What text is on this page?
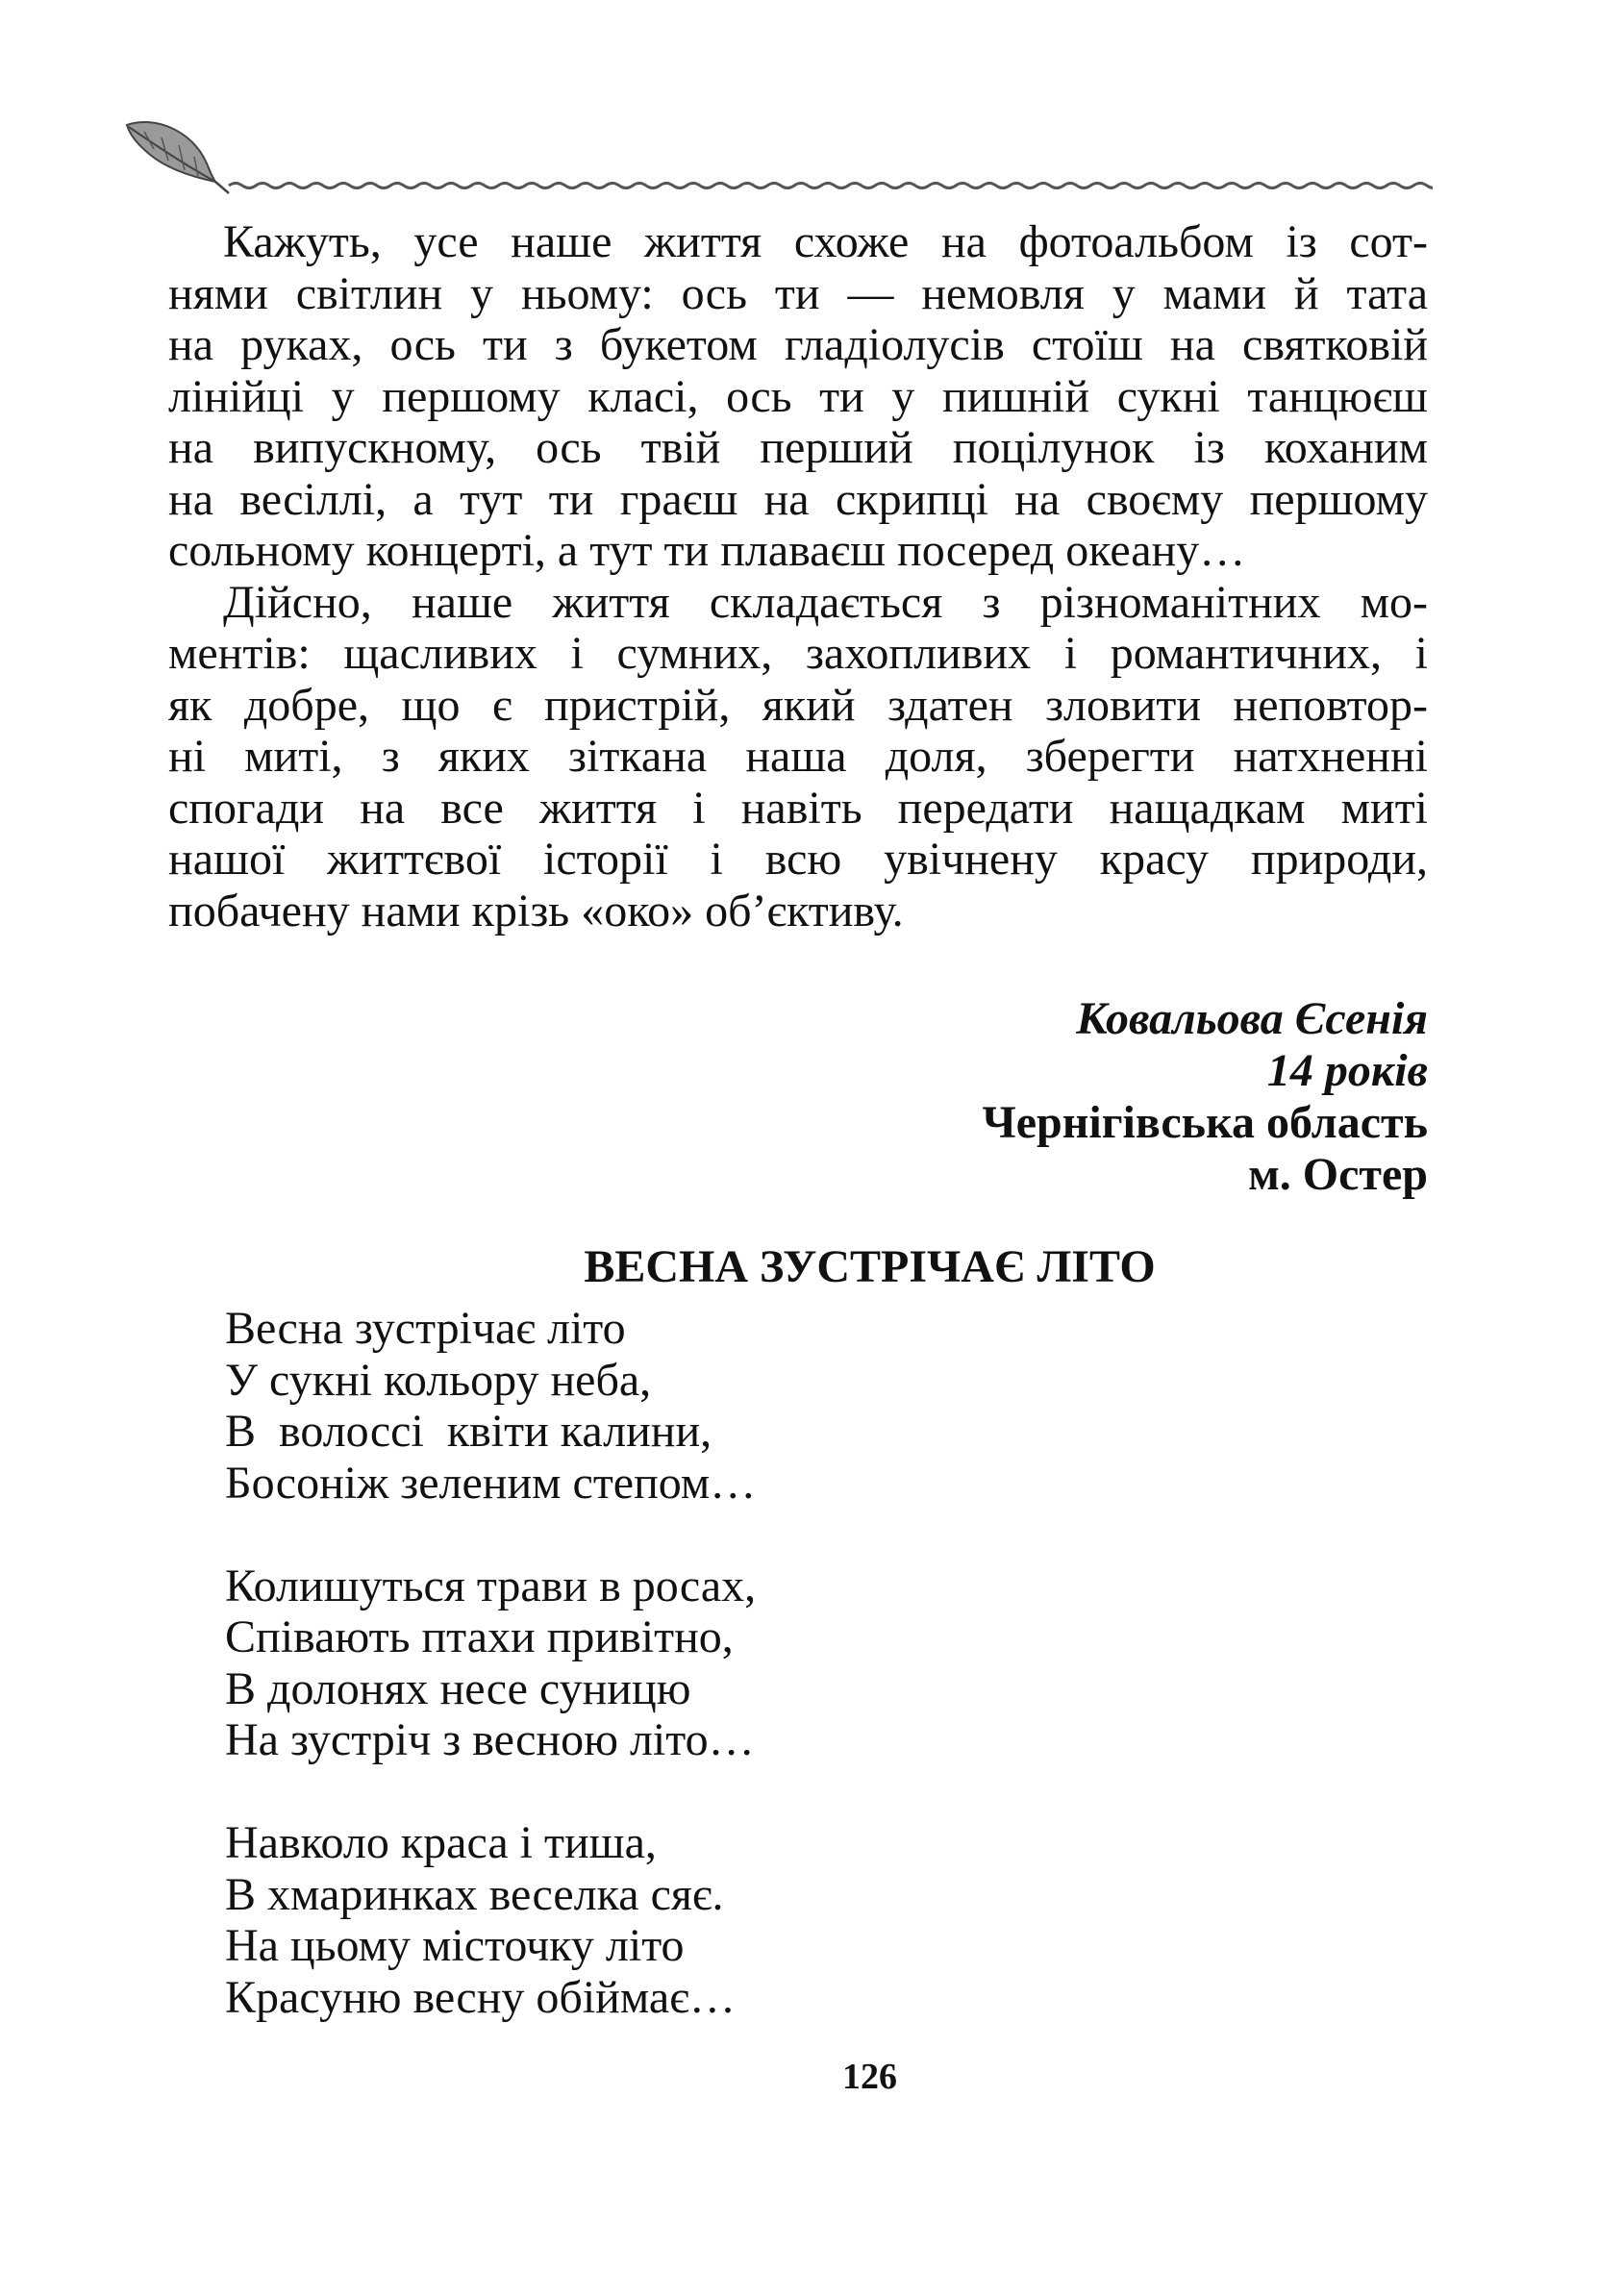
Кажуть, усе наше життя схоже на фотоальбом із сот-
нями світлин у ньому: ось ти — немовля у мами й тата
на руках, ось ти з букетом гладіолусів стоїш на святковій
лінійці у першому класі, ось ти у пишній сукні танцюєш
на випускному, ось твій перший поцілунок із коханим
на весіллі, а тут ти граєш на скрипці на своєму першому
сольному концерті, а тут ти плаваєш посеред океану…
Дійсно, наше життя складається з різноманітних мо-
ментів: щасливих і сумних, захопливих і романтичних, і
як добре, що є пристрій, який здатен зловити неповтор-
ні миті, з яких зіткана наша доля, зберегти натхненні
спогади на все життя і навіть передати нащадкам миті
нашої життєвої історії і всю увічнену красу природи,
побачену нами крізь «око» об’єктиву.
Ковальова Єсенія
14 років
Чернігівська область
м. Остер
ВЕСНА ЗУСТРІЧАЄ ЛІТО
Весна зустрічає літо
У сукні кольору неба,
В  волоссі  квіти калини,
Босоніж зеленим степом…
Колишуться трави в росах,
Співають птахи привітно,
В долонях несе суницю
На зустріч з весною літо…
Навколо краса і тиша,
В хмаринках веселка сяє.
На цьому місточку літо
Красуню весну обіймає…
126
